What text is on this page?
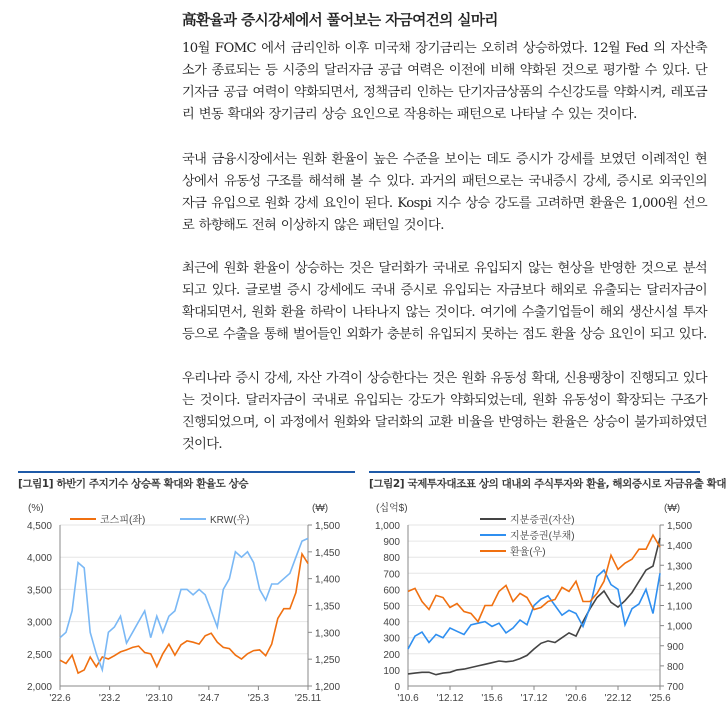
高환율과 증시강세에서 풀어보는 자금여건의 실마리
10월 FOMC 에서 금리인하 이후 미국채 장기금리는 오히려 상승하였다. 12월 Fed 의 자산축소가 종료되는 등 시중의 달러자금 공급 여력은 이전에 비해 약화된 것으로 평가할 수 있다. 단기자금 공급 여력이 약화되면서, 정책금리 인하는 단기자금상품의 수신강도를 약화시켜, 레포금리 변동 확대와 장기금리 상승 요인으로 작용하는 패턴으로 나타날 수 있는 것이다.
국내 금융시장에서는 원화 환율이 높은 수준을 보이는 데도 증시가 강세를 보였던 이례적인 현상에서 유동성 구조를 해석해 볼 수 있다. 과거의 패턴으로는 국내증시 강세, 증시로 외국인의 자금 유입으로 원화 강세 요인이 된다. Kospi 지수 상승 강도를 고려하면 환율은 1,000원 선으로 하향해도 전혀 이상하지 않은 패턴일 것이다.
최근에 원화 환율이 상승하는 것은 달러화가 국내로 유입되지 않는 현상을 반영한 것으로 분석되고 있다. 글로벌 증시 강세에도 국내 증시로 유입되는 자금보다 해외로 유출되는 달러자금이 확대되면서, 원화 환율 하락이 나타나지 않는 것이다. 여기에 수출기업들이 해외 생산시설 투자 등으로 수출을 통해 벌어들인 외화가 충분히 유입되지 못하는 점도 환율 상승 요인이 되고 있다.
우리나라 증시 강세, 자산 가격이 상승한다는 것은 원화 유동성 확대, 신용팽창이 진행되고 있다는 것이다. 달러자금이 국내로 유입되는 강도가 약화되었는데, 원화 유동성이 확장되는 구조가 진행되었으며, 이 과정에서 원화와 달러화의 교환 비율을 반영하는 환율은 상승이 불가피하였던 것이다.
[그림1] 하반기 주지기수 상승폭 확대와 환율도 상승
2,000
2,500
3,000
3,500
4,000
4,500
1,200
1,250
1,300
1,350
1,400
1,450
1,500
'22.6	'23.2	'23.10	'24.7	'25.3	'25.11
(%)	(₩)
코스피(좌)	KRW(우)
[그림2] 국제투자대조표 상의 대내외 주식투자와 환율, 해외증시로 자금유출 확대
0
100
200
300
400
500
600
700
800
900
1,000
700
800
900
1,000
1,100
1,200
1,300
1,400
1,500
'10.6 '12.12 '15.6 '17.12 '20.6 '22.12 '25.6
(십억$)	(₩)
지분증권(자산)
지분증권(부채)
환율(우)
